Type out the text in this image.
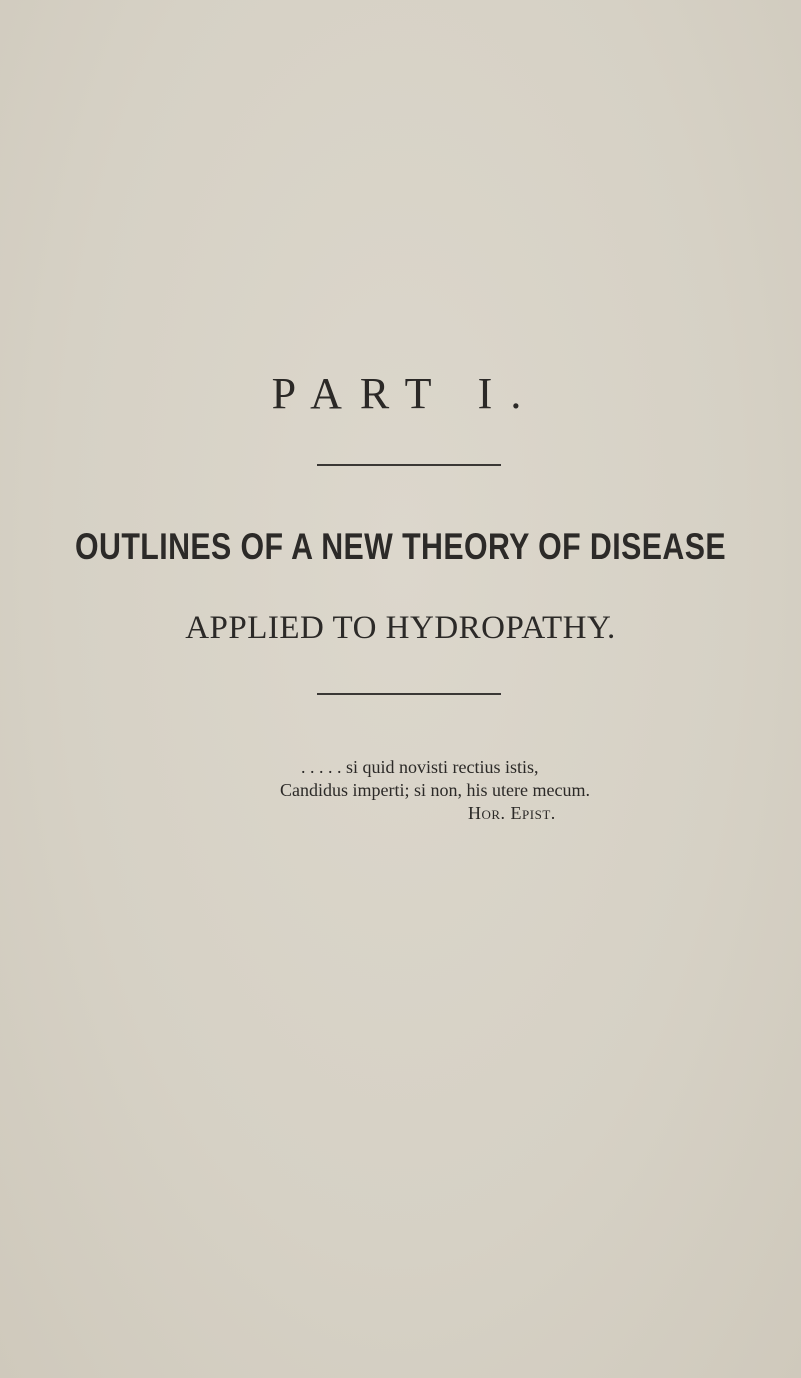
PART I.
OUTLINES OF A NEW THEORY OF DISEASE
APPLIED TO HYDROPATHY.
. . . . . si quid novisti rectius istis,
Candidus imperti; si non, his utere mecum.
Hor. Epist.
